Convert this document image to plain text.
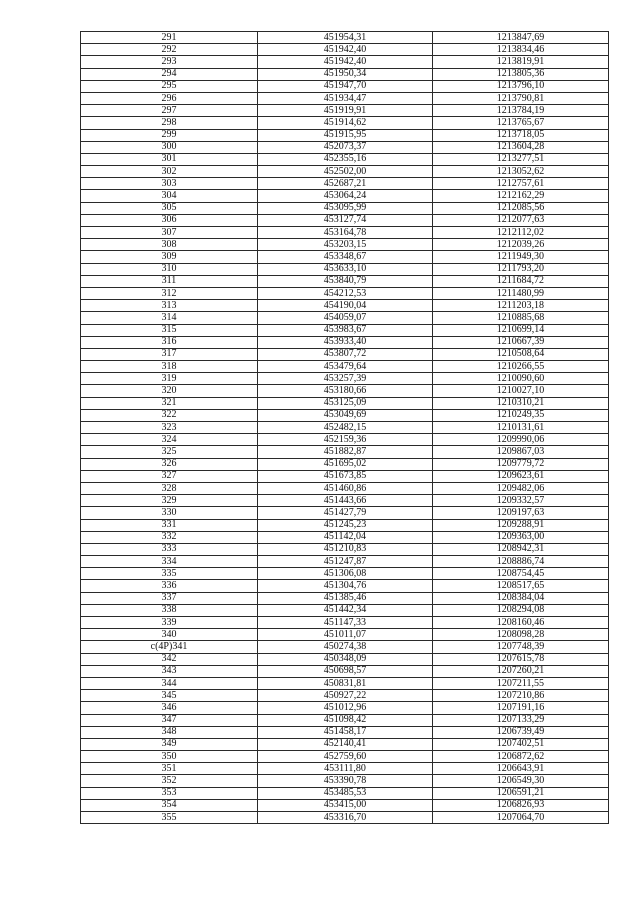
291	451954,31	1213847,69
292	451942,40	1213834,46
293	451942,40	1213819,91
294	451950,34	1213805,36
295	451947,70	1213796,10
296	451934,47	1213790,81
297	451919,91	1213784,19
298	451914,62	1213765,67
299	451915,95	1213718,05
300	452073,37	1213604,28
301	452355,16	1213277,51
302	452502,00	1213052,62
303	452687,21	1212757,61
304	453064,24	1212162,29
305	453095,99	1212085,56
306	453127,74	1212077,63
307	453164,78	1212112,02
308	453203,15	1212039,26
309	453348,67	1211949,30
310	453633,10	1211793,20
311	453840,79	1211684,72
312	454212,53	1211480,99
313	454190,04	1211203,18
314	454059,07	1210885,68
315	453983,67	1210699,14
316	453933,40	1210667,39
317	453807,72	1210508,64
318	453479,64	1210266,55
319	453257,39	1210090,60
320	453180,66	1210027,10
321	453125,09	1210310,21
322	453049,69	1210249,35
323	452482,15	1210131,61
324	452159,36	1209990,06
325	451882,87	1209867,03
326	451695,02	1209779,72
327	451673,85	1209623,61
328	451460,86	1209482,06
329	451443,66	1209332,57
330	451427,79	1209197,63
331	451245,23	1209288,91
332	451142,04	1209363,00
333	451210,83	1208942,31
334	451247,87	1208886,74
335	451306,08	1208754,45
336	451304,76	1208517,65
337	451385,46	1208384,04
338	451442,34	1208294,08
339	451147,33	1208160,46
340	451011,07	1208098,28
с(4Р)341	450274,38	1207748,39
342	450348,09	1207615,78
343	450698,57	1207260,21
344	450831,81	1207211,55
345	450927,22	1207210,86
346	451012,96	1207191,16
347	451098,42	1207133,29
348	451458,17	1206739,49
349	452140,41	1207402,51
350	452759,60	1206872,62
351	453111,80	1206643,91
352	453390,78	1206549,30
353	453485,53	1206591,21
354	453415,00	1206826,93
355	453316,70	1207064,70
